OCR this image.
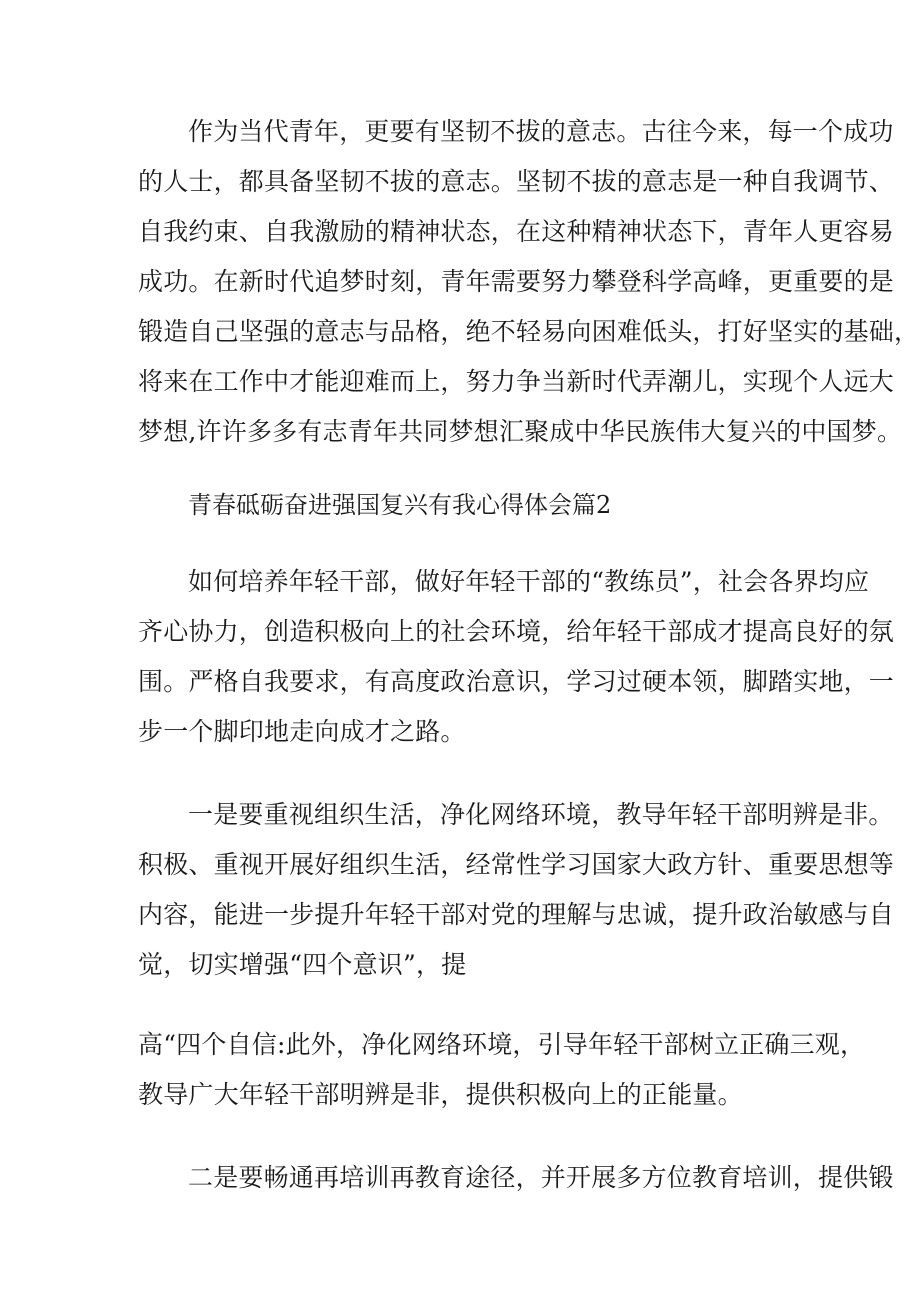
作为当代青年，更要有坚韧不拔的意志。古往今来，每一个成功
的人士，都具备坚韧不拔的意志。坚韧不拔的意志是一种自我调节、
自我约束、自我激励的精神状态，在这种精神状态下，青年人更容易
成功。在新时代追梦时刻，青年需要努力攀登科学高峰，更重要的是
锻造自己坚强的意志与品格，绝不轻易向困难低头，打好坚实的基础，
将来在工作中才能迎难而上，努力争当新时代弄潮儿，实现个人远大
梦想,许许多多有志青年共同梦想汇聚成中华民族伟大复兴的中国梦。
青春砥砺奋进强国复兴有我心得体会篇2
如何培养年轻干部，做好年轻干部的“教练员”，社会各界均应
齐心协力，创造积极向上的社会环境，给年轻干部成才提高良好的氛
围。严格自我要求，有高度政治意识，学习过硬本领，脚踏实地，一
步一个脚印地走向成才之路。
一是要重视组织生活，净化网络环境，教导年轻干部明辨是非。
积极、重视开展好组织生活，经常性学习国家大政方针、重要思想等
内容，能进一步提升年轻干部对党的理解与忠诚，提升政治敏感与自
觉，切实增强“四个意识”，提
高“四个自信:此外，净化网络环境，引导年轻干部树立正确三观，
教导广大年轻干部明辨是非，提供积极向上的正能量。
二是要畅通再培训再教育途径，并开展多方位教育培训，提供锻
